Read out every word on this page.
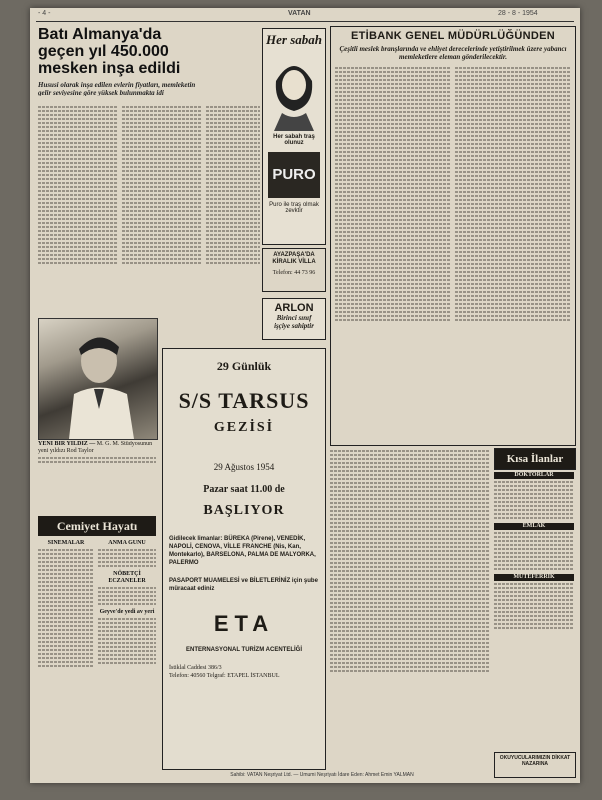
- 4 -	VATAN	28 - 8 - 1954
Batı Almanya'da geçen yıl 450.000 mesken inşa edildi
Hususi olarak inşa edilen evlerin fiyatları, memleketin gelir seviyesine göre yüksek bulunmakta idi
YENİ BİR YILDIZ — M. G. M. Stüdyosunun yeni yıldızı Rod Taylor
Her sabah
Her sabah traş olunuz
PURO
Puro ile traş olmak zevktir
AYAZPAŞA'DA KİRALIK VİLLA
Telefon: 44 73 96
ARLON
Birinci sınıf
işçiye sahiptir
ETİBANK GENEL MÜDÜRLÜĞÜNDEN
Çeşitli meslek branşlarında ve ehliyet derecelerinde yetiştirilmek üzere yabancı memleketlere eleman gönderilecektir.
29 Günlük
S/S TARSUS
GEZİSİ
29 Ağustos 1954
Pazar saat 11.00 de
BAŞLIYOR
Gidilecek limanlar: BÜREKA (Pirene), VENEDİK, NAPOLİ, CENOVA, VİLLE FRANCHE (Nis, Kan, Montekarlo), BARSELONA, PALMA DE MALYORKA, PALERMO
PASAPORT MUAMELESİ ve BİLETLERİNİZ için şube müracaat ediniz
ETA
ENTERNASYONAL TURİZM ACENTELİĞİ
İstiklal Caddesi 386/3
Telefon: 40560 Telgraf: ETAPEL İSTANBUL
Cemiyet Hayatı
SİNEMALAR	ANMA GÜNÜ
NÖBETÇİ ECZANELER
Geyve'de yedi av yeri
Kısa İlanlar
DOKTORLAR
EMLAK
MÜTEFERRİK
OKUYUCULARIMIZIN DİKKAT NAZARINA
Sahibi: VATAN Neşriyat Ltd. — Umumi Neşriyatı İdare Eden: Ahmet Emin YALMAN
